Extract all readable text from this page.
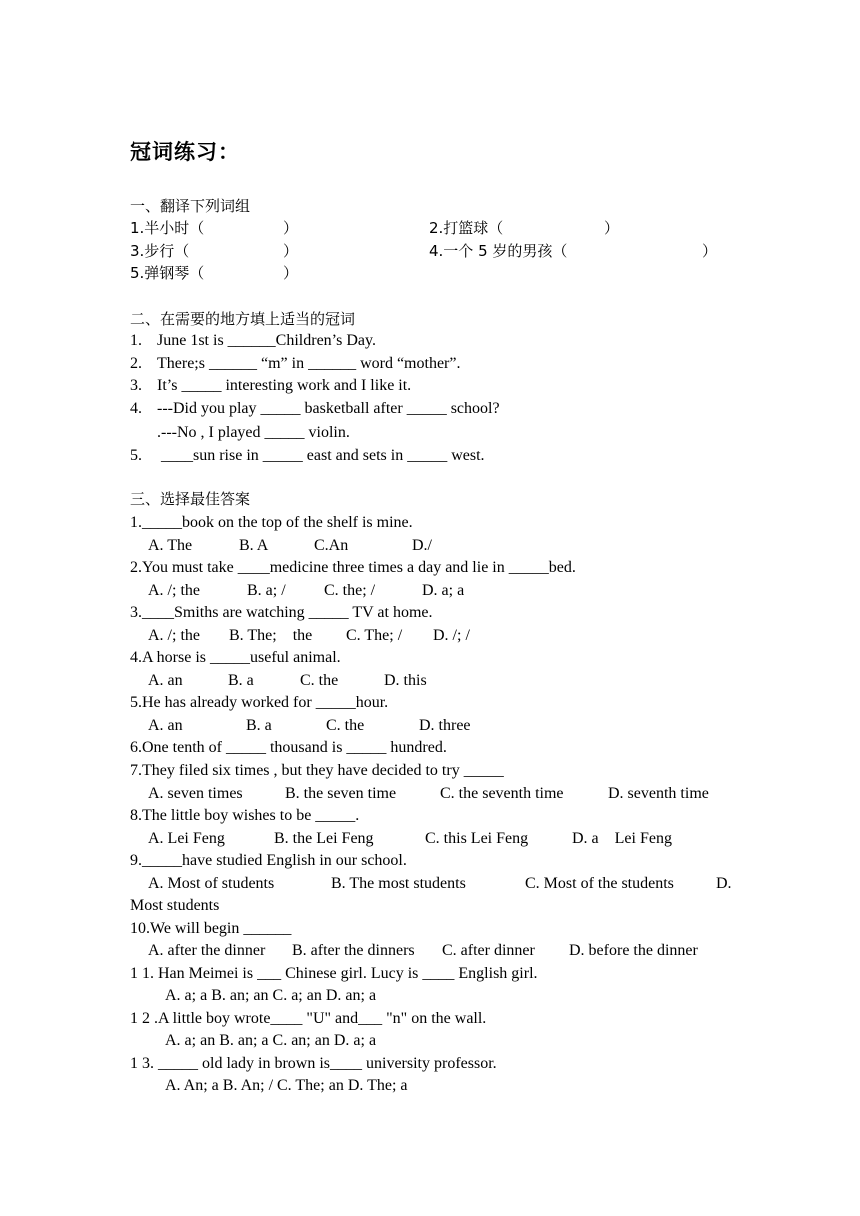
冠词练习：
一、翻译下列词组
1.半小时（	）	2.打篮球（	）
3.步行（	）	4.一个 5 岁的男孩（	）
5.弹钢琴（	）
二、在需要的地方填上适当的冠词
1. June 1st is ______Children’s Day.
2. There;s ______ “m” in ______ word “mother”.
3. It’s _____ interesting work and I like it.
4. ---Did you play _____ basketball after _____ school?
.---No , I played _____ violin.
5. ____sun rise in _____ east and sets in _____ west.
三、选择最佳答案
1._____book on the top of the shelf is mine.
A. The	B. A	C.An	D./
2.You must take ____medicine three times a day and lie in _____bed.
A. /; the	B. a; / C. the; /	D. a; a
3.____Smiths are watching _____ TV at home.
A. /; the B. The;    the C. The; / D. /; /
4.A horse is _____useful animal.
A. an	B. a	C. the	D. this
5.He has already worked for _____hour.
A. an	B. a	C. the	D. three
6.One tenth of _____ thousand is _____ hundred.
7.They filed six times , but they have decided to try _____
A. seven times	B. the seven time	C. the seventh time	D. seventh time
8.The little boy wishes to be _____.
A. Lei Feng	B. the Lei Feng	C. this Lei Feng	D. a    Lei Feng
9._____have studied English in our school.
A. Most of students	B. The most students	C. Most of the students	D.
Most students
10.We will begin ______
A. after the dinner B. after the dinners C. after dinner D. before the dinner
1 1. Han Meimei is ___ Chinese girl. Lucy is ____ English girl.
A. a; a B. an; an C. a; an D. an; a
1 2 .A little boy wrote____ "U" and___ "n" on the wall.
A. a; an B. an; a C. an; an D. a; a
1 3. _____ old lady in brown is____ university professor.
A. An; a B. An; / C. The; an D. The; a
